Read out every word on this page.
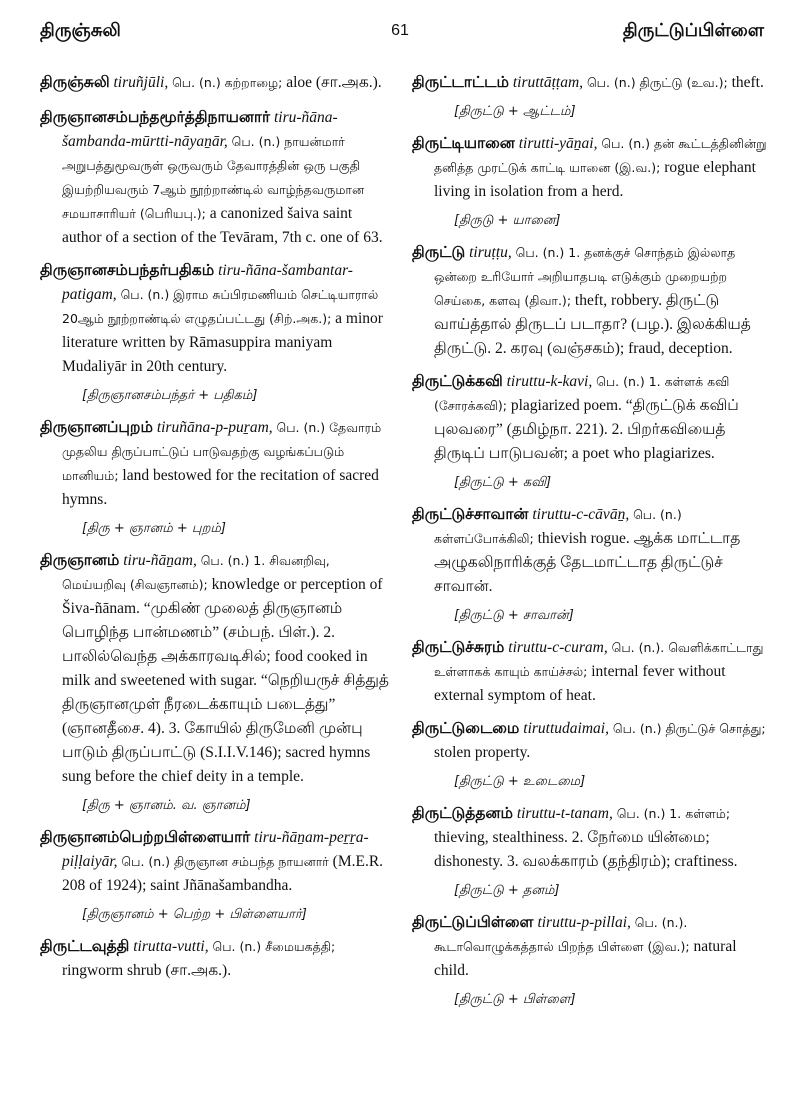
திருஞ்சுலி	61	திருட்டுப்பிள்ளை
திருஞ்சுலி tiruñjūli, பெ. (n.) கற்றாழை; aloe (சா.அக.).
திருஞானசம்பந்தமூர்த்திநாயனார் tiru-ñāna-šambanda-mūrtti-nāyaṉār, பெ. (n.) நாயன்மார் அறுபத்துமூவருள் ஒருவரும் தேவாரத்தின் ஒரு பகுதி இயற்றியவரும் 7ஆம் நூற்றாண்டில் வாழ்ந்தவருமான சமயாசாரியர் (பெரியபு.); a canonized šaiva saint author of a section of the Tevāram, 7th c. one of 63.
திருஞானசம்பந்தர்பதிகம் tiru-ñāna-šambantar-patigam, பெ. (n.) இராம சுப்பிரமணியம் செட்டியாரால் 20ஆம் நூற்றாண்டில் எழுதப்பட்டது (சிற்.அக.); a minor literature written by Rāmasuppira maniyam Mudaliyār in 20th century.
[திருஞானசம்பந்தர் + பதிகம்]
திருஞானப்புறம் tiruñāna-p-puṟam, பெ. (n.) தேவாரம் முதலிய திருப்பாட்டுப் பாடுவதற்கு வழங்கப்படும் மானியம்; land bestowed for the recitation of sacred hymns.
[திரு + ஞானம் + புறம்]
திருஞானம் tiru-ñāṉam, பெ. (n.) 1. சிவனறிவு, மெய்யறிவு (சிவஞானம்); knowledge or perception of Šiva-ñānam. “முகிண் முலைத் திருஞானம் பொழிந்த பான்மணம்” (சம்பந். பிள்.). 2. பாலில்வெந்த அக்காரவடிசில்; food cooked in milk and sweetened with sugar. “நெறியருச் சித்துத் திருஞானமுள் நீரடைக்காயும் படைத்து” (ஞானதீசை. 4). 3. கோயில் திருமேனி முன்பு பாடும் திருப்பாட்டு (S.I.I.V.146); sacred hymns sung before the chief deity in a temple.
[திரு + ஞானம். வ. ஞானம்]
திருஞானம்பெற்றபிள்ளையார் tiru-ñāṉam-peṟṟa-piḷḷaiyār, பெ. (n.) திருஞான சம்பந்த நாயனார் (M.E.R. 208 of 1924); saint Jñānašambandha.
[திருஞானம் + பெற்ற + பிள்ளையார்]
திருட்டவுத்தி tirutta-vutti, பெ. (n.) சீமையகத்தி; ringworm shrub (சா.அக.).
திருட்டாட்டம் tiruttāṭṭam, பெ. (n.) திருட்டு (உவ.); theft.
[திருட்டு + ஆட்டம்]
திருட்டியானை tirutti-yāṉai, பெ. (n.) தன் கூட்டத்தினின்று தனித்த முரட்டுக் காட்டி யானை (இ.வ.); rogue elephant living in isolation from a herd.
[திருடு + யானை]
திருட்டு tiruṭṭu, பெ. (n.) 1. தனக்குச் சொந்தம் இல்லாத ஒன்றை உரியோர் அறியாதபடி எடுக்கும் முறையற்ற செய்கை, களவு (திவா.); theft, robbery. திருட்டு வாய்த்தால் திருடப் படாதா? (பழ.). இலக்கியத் திருட்டு. 2. கரவு (வஞ்சகம்); fraud, deception.
திருட்டுக்கவி tiruttu-k-kavi, பெ. (n.) 1. கள்ளக் கவி (சோரக்கவி); plagiarized poem. “திருட்டுக் கவிப் புலவரை” (தமிழ்நா. 221). 2. பிறர்கவியைத் திருடிப் பாடுபவன்; a poet who plagiarizes.
[திருட்டு + கவி]
திருட்டுச்சாவான் tiruttu-c-cāvāṉ, பெ. (n.) கள்ளப்போக்கிலி; thievish rogue. ஆக்க மாட்டாத அழுகலிநாரிக்குத் தேடமாட்டாத திருட்டுச் சாவான்.
[திருட்டு + சாவான்]
திருட்டுச்சுரம் tiruttu-c-curam, பெ. (n.). வெளிக்காட்டாது உள்ளாகக் காயும் காய்ச்சல்; internal fever without external symptom of heat.
திருட்டுடைமை tiruttudaimai, பெ. (n.) திருட்டுச் சொத்து; stolen property.
[திருட்டு + உடைமை]
திருட்டுத்தனம் tiruttu-t-tanam, பெ. (n.) 1. கள்ளம்; thieving, stealthiness. 2. நேர்மை யின்மை; dishonesty. 3. வலக்காரம் (தந்திரம்); craftiness.
[திருட்டு + தனம்]
திருட்டுப்பிள்ளை tiruttu-p-pillai, பெ. (n.). கூடாவொழுக்கத்தால் பிறந்த பிள்ளை (இவ.); natural child.
[திருட்டு + பிள்ளை]
